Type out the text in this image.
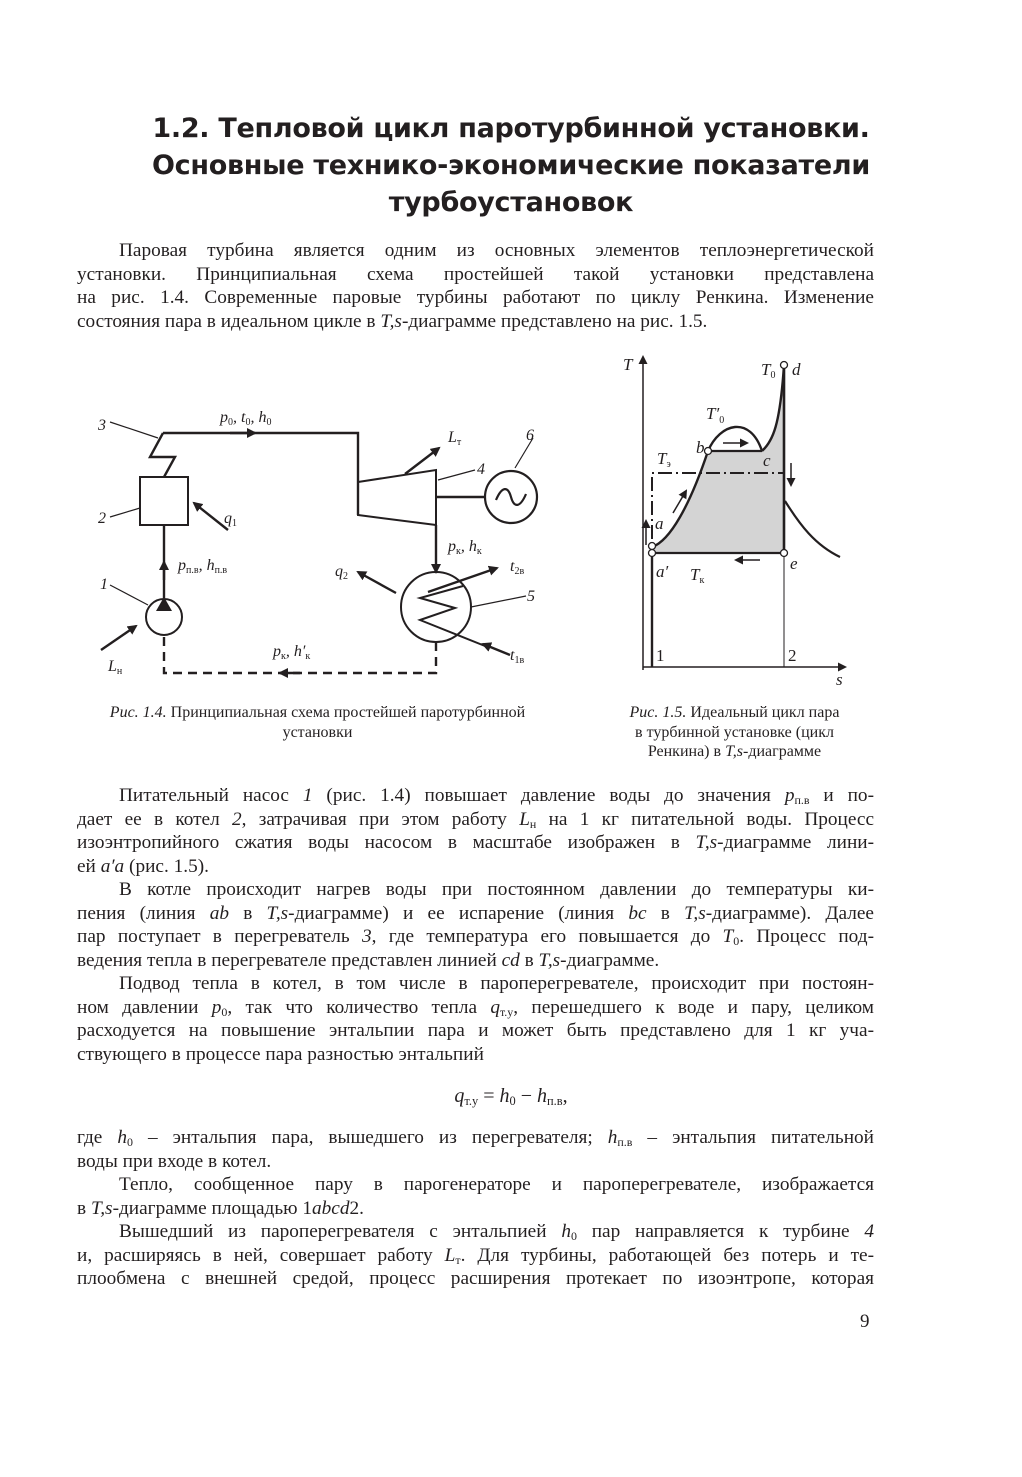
1.2. Тепловой цикл паротурбинной установки.
Основные технико-экономические показатели
турбоустановок
Паровая турбина является одним из основных элементов теплоэнергетической
установки. Принципиальная схема простейшей такой установки представлена
на рис. 1.4. Современные паровые турбины работают по циклу Ренкина. Изменение
состояния пара в идеальном цикле в T,s-диаграмме представлено на рис. 1.5.
3
2
1
4
5
6
p0, t0, h0
q1
pп.в, hп.в
Lн
Lт
pк, hк
q2
t2в
t1в
pк, h′к
T
s
T0 d
$T'_0$
b
c
Tэ
a
a′ Tк
e
1	2
Рис. 1.4. Принципиальная схема простейшей паротурбинной
установки
Рис. 1.5. Идеальный цикл пара
в турбинной установке (цикл
Ренкина) в T,s-диаграмме
Питательный насос 1 (рис. 1.4) повышает давление воды до значения $p_{п.в}$ и по-
дает ее в котел 2, затрачивая при этом работу $L_н$ на 1 кг питательной воды. Процесс
изоэнтропийного сжатия воды насосом в масштабе изображен в T,s-диаграмме лини-
ей a′a (рис. 1.5).
В котле происходит нагрев воды при постоянном давлении до температуры ки-
пения (линия ab в T,s-диаграмме) и ее испарение (линия bc в T,s-диаграмме). Далее
пар поступает в перегреватель 3, где температура его повышается до $T_0$. Процесс под-
ведения тепла в перегревателе представлен линией cd в T,s-диаграмме.
Подвод тепла в котел, в том числе в пароперегревателе, происходит при постоян-
ном давлении $p_0$, так что количество тепла $q_{т.у}$, перешедшего к воде и пару, целиком
расходуется на повышение энтальпии пара и может быть представлено для 1 кг уча-
ствующего в процессе пара разностью энтальпий
$q_{т.у} = h_0 - h_{п.в}$,
где $h_0$ – энтальпия пара, вышедшего из перегревателя; $h_{п.в}$ – энтальпия питательной
воды при входе в котел.
Тепло, сообщенное пару в парогенераторе и пароперегревателе, изображается
в T,s-диаграмме площадью 1abcd2.
Вышедший из пароперегревателя с энтальпией $h_0$ пар направляется к турбине 4
и, расширяясь в ней, совершает работу $L_т$. Для турбины, работающей без потерь и те-
плообмена с внешней средой, процесс расширения протекает по изоэнтропе, которая
9
